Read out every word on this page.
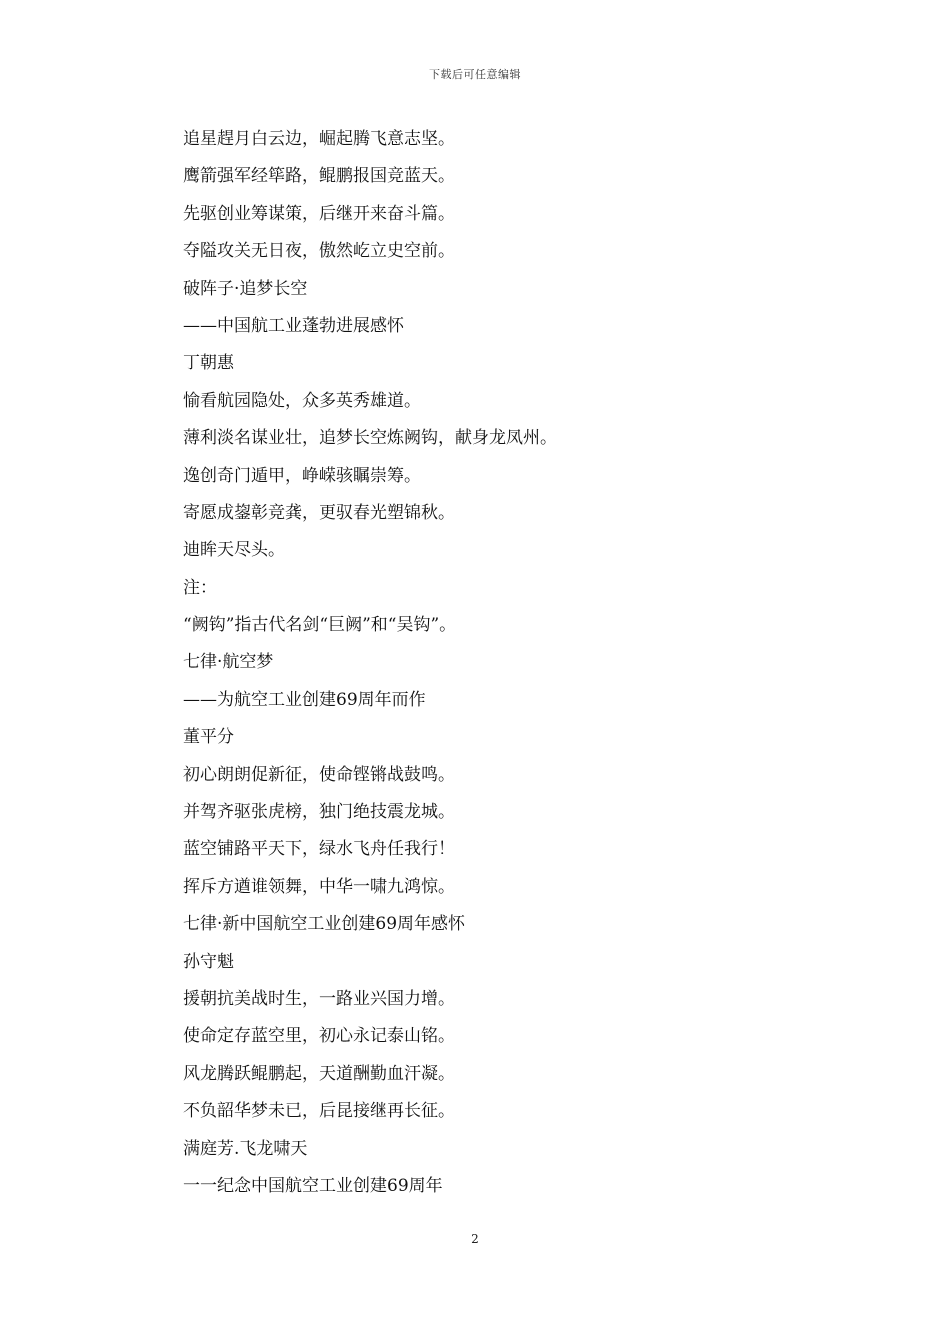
下载后可任意编辑
追星趕月白云边，崛起腾飞意志坚。
鹰箭强军经筚路，鲲鹏报国竞蓝天。
先驱创业筹谋策，后继开来奋斗篇。
夺隘攻关无日夜，傲然屹立史空前。
破阵子·追梦长空
——中国航工业蓬勃进展感怀
丁朝惠
愉看航园隐处，众多英秀雄道。
薄利淡名谋业壮，追梦长空炼阙钩，献身龙凤州。
逸创奇门遁甲，峥嵘骇瞩崇筹。
寄愿成鋆彰竞龚，更驭春光塑锦秋。
迪眸天尽头。
注：
“阙钩”指古代名剑“巨阙”和“吴钩”。
七律·航空梦
——为航空工业创建69周年而作
董平分
初心朗朗促新征，使命铿锵战鼓鸣。
并驾齐驱张虎榜，独门绝技震龙城。
蓝空铺路平天下，绿水飞舟任我行！
挥斥方遒谁领舞，中华一啸九鸿惊。
七律·新中国航空工业创建69周年感怀
孙守魁
援朝抗美战时生，一路业兴国力增。
使命定存蓝空里，初心永记泰山铭。
风龙腾跃鲲鹏起，天道酬勤血汗凝。
不负韶华梦未已，后昆接继再长征。
满庭芳.飞龙啸天
一一纪念中国航空工业创建69周年
2
